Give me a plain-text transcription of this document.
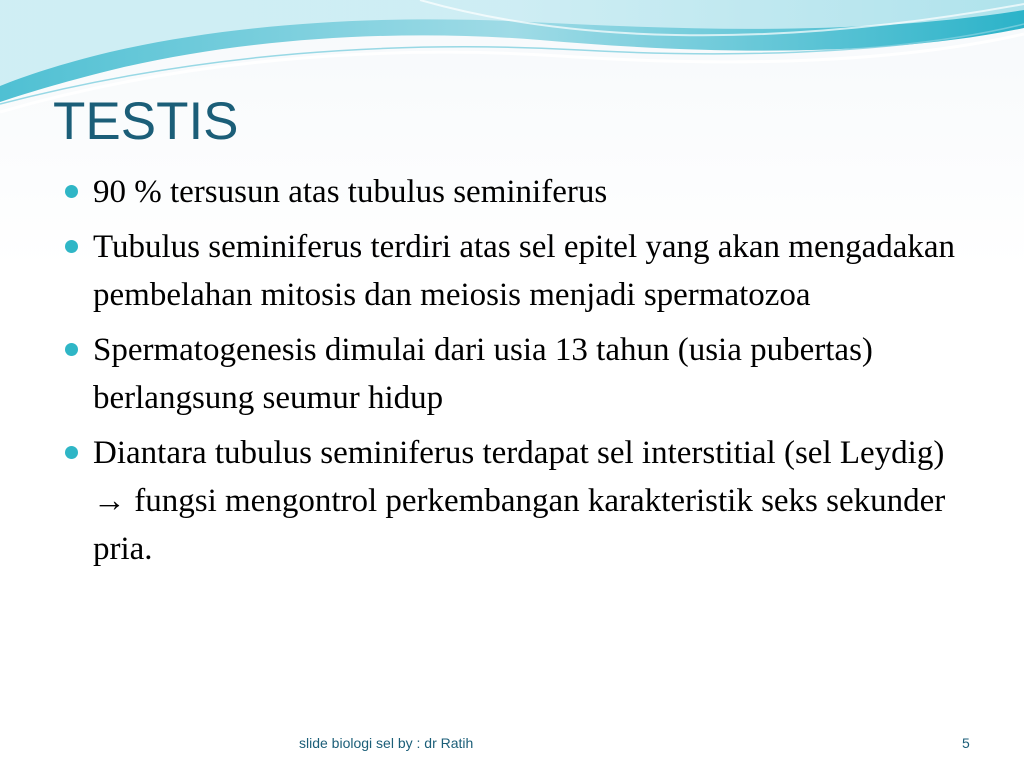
TESTIS
90 % tersusun atas tubulus seminiferus
Tubulus seminiferus terdiri atas sel epitel yang akan mengadakan pembelahan mitosis dan meiosis menjadi spermatozoa
Spermatogenesis dimulai dari usia 13 tahun (usia pubertas) berlangsung seumur hidup
Diantara tubulus seminiferus terdapat sel interstitial (sel Leydig) → fungsi mengontrol perkembangan karakteristik seks sekunder pria.
slide biologi sel by : dr Ratih	5
